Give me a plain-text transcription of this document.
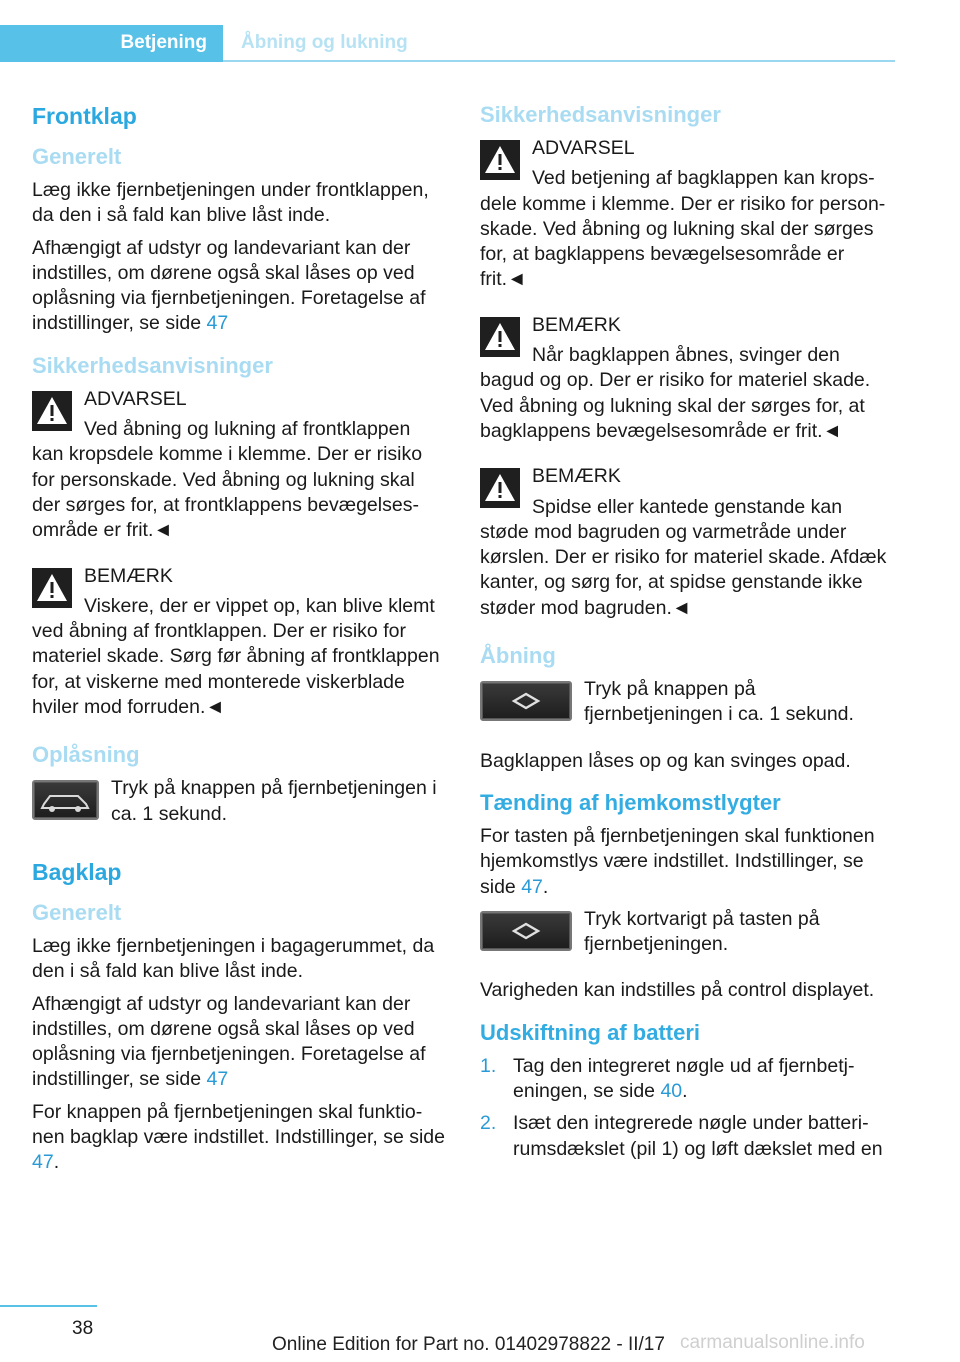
Betjening Åbning og lukning
Frontklap
Generelt

Læg ikke fjernbetjeningen under frontklappen, da den i så fald kan blive låst inde.

Afhængigt af udstyr og landevariant kan der indstilles, om dørene også skal låses op ved oplåsning via fjernbetjeningen. Foretagelse af indstillinger, se side 47

Sikkerhedsanvisninger

ADVARSEL

Ved åbning og lukning af frontklappen kan kropsdele komme i klemme. Der er risiko for personskade. Ved åbning og lukning skal der sørges for, at frontklappens bevægelsesområde er frit.◄

BEMÆRK

Viskere, der er vippet op, kan blive klemt ved åbning af frontklappen. Der er risiko for materiel skade. Sørg før åbning af frontklappen for, at viskerne med monterede viskerblade hviler mod forruden.◄

Oplåsning

Tryk på knappen på fjernbetjeningen i ca. 1 sekund.

Bagklap
Generelt

Læg ikke fjernbetjeningen i bagagerummet, da den i så fald kan blive låst inde.

Afhængigt af udstyr og landevariant kan der indstilles, om dørene også skal låses op ved oplåsning via fjernbetjeningen. Foretagelse af indstillinger, se side 47

For knappen på fjernbetjeningen skal funktionen bagklap være indstillet. Indstillinger, se side 47.

Sikkerhedsanvisninger

ADVARSEL

Ved betjening af bagklappen kan kropsdele komme i klemme. Der er risiko for personskade. Ved åbning og lukning skal der sørges for, at bagklappens bevægelsesområde er frit.◄

BEMÆRK

Når bagklappen åbnes, svinger den bagud og op. Der er risiko for materiel skade. Ved åbning og lukning skal der sørges for, at bagklappens bevægelsesområde er frit.◄

BEMÆRK

Spidse eller kantede genstande kan støde mod bagruden og varmetråde under kørslen. Der er risiko for materiel skade. Afdæk kanter, og sørg for, at spidse genstande ikke støder mod bagruden.◄

Åbning

Tryk på knappen på fjernbetjeningen i ca. 1 sekund.

Bagklappen låses op og kan svinges opad.

Tænding af hjemkomstlygter

For tasten på fjernbetjeningen skal funktionen hjemkomstlys være indstillet. Indstillinger, se side 47.

Tryk kortvarigt på tasten på fjernbetjeningen.

Varigheden kan indstilles på control displayet.

Udskiftning af batteri
1. Tag den integreret nøgle ud af fjernbetjeningen, se side 40.
2. Isæt den integrerede nøgle under batterirumsdækslet (pil 1) og løft dækslet med en
38
Online Edition for Part no. 01402978822 - II/17 carmanualsonline.info
